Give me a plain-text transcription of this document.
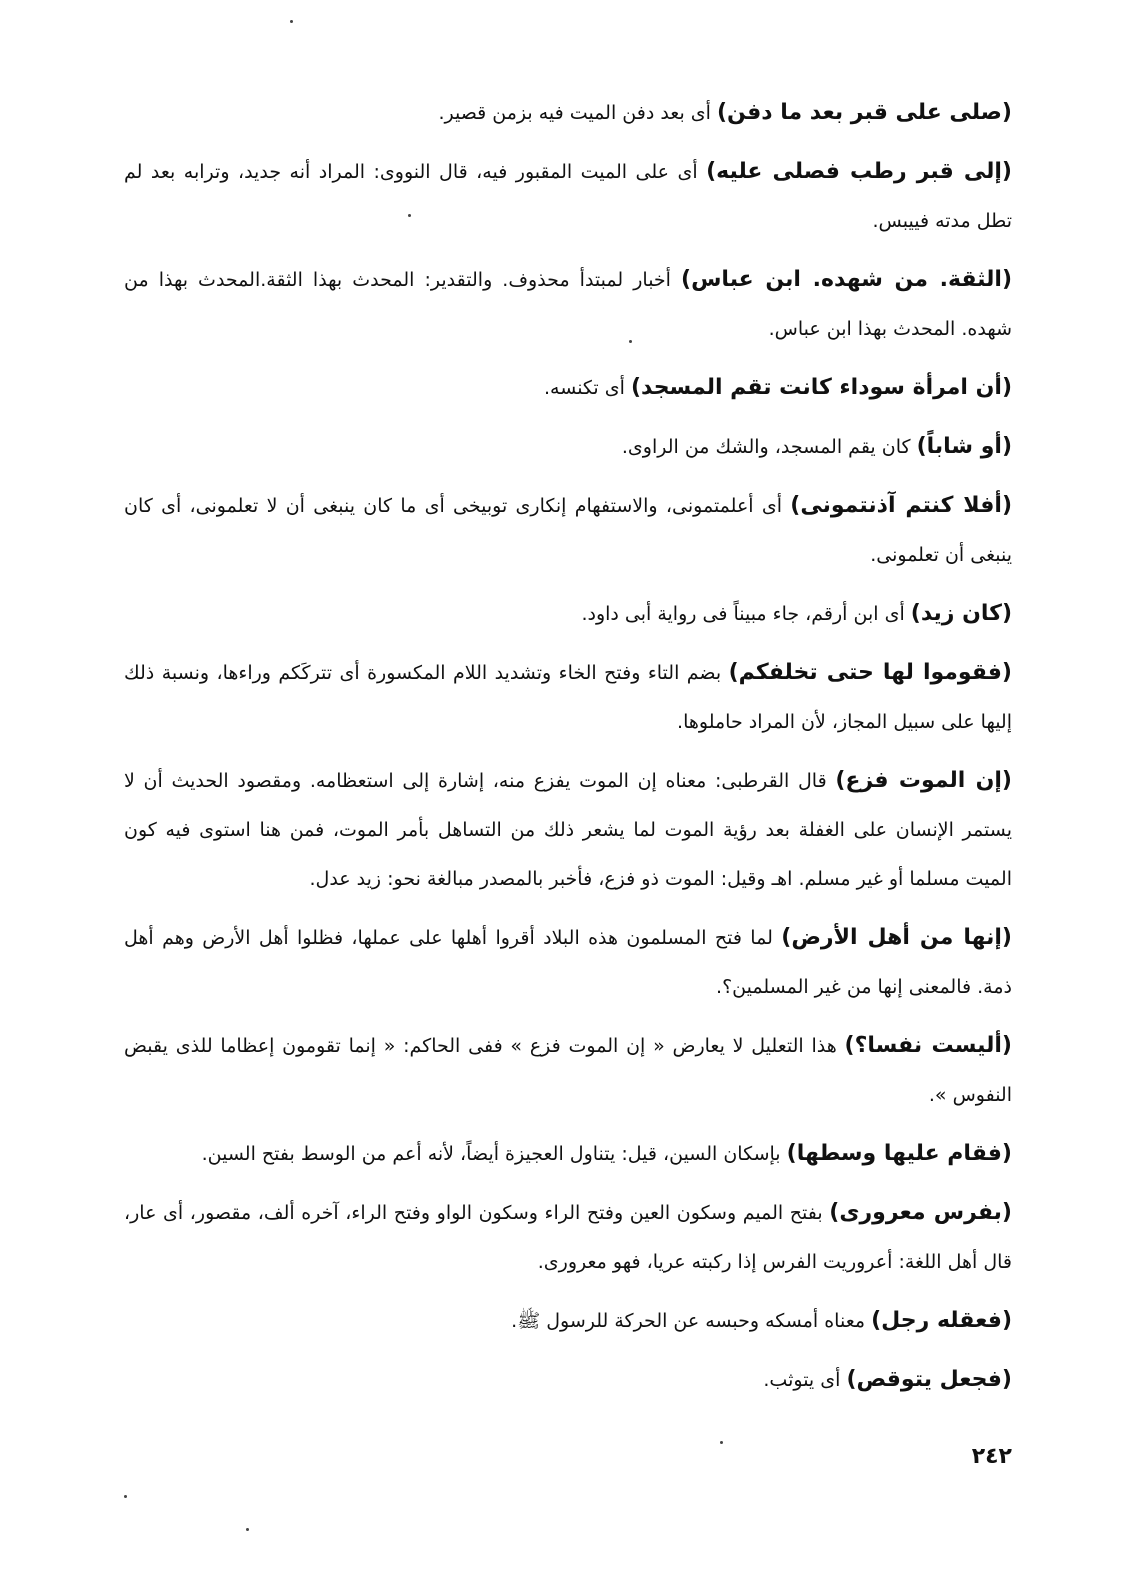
(صلى على قبر بعد ما دفن) أى بعد دفن الميت فيه بزمن قصير.

(إلى قبر رطب فصلى عليه) أى على الميت المقبور فيه، قال النووى: المراد أنه جديد، وترابه بعد لم تطل مدته فييبس.

(الثقة. من شهده. ابن عباس) أخبار لمبتدأ محذوف. والتقدير: المحدث بهذا الثقة.المحدث بهذا من شهده. المحدث بهذا ابن عباس.

(أن امرأة سوداء كانت تقم المسجد) أى تكنسه.

(أو شاباً) كان يقم المسجد، والشك من الراوى.

(أفلا كنتم آذنتمونى) أى أعلمتمونى، والاستفهام إنكارى توبيخى أى ما كان ينبغى أن لا تعلمونى، أى كان ينبغى أن تعلمونى.

(كان زيد) أى ابن أرقم، جاء مبيناً فى رواية أبى داود.

(فقوموا لها حتى تخلفكم) بضم التاء وفتح الخاء وتشديد اللام المكسورة أى تتركَكم وراءها، ونسبة ذلك إليها على سبيل المجاز، لأن المراد حاملوها.

(إن الموت فزع) قال القرطبى: معناه إن الموت يفزع منه، إشارة إلى استعظامه. ومقصود الحديث أن لا يستمر الإنسان على الغفلة بعد رؤية الموت لما يشعر ذلك من التساهل بأمر الموت، فمن هنا استوى فيه كون الميت مسلما أو غير مسلم. اهـ وقيل: الموت ذو فزع، فأخبر بالمصدر مبالغة نحو: زيد عدل.

(إنها من أهل الأرض) لما فتح المسلمون هذه البلاد أقروا أهلها على عملها، فظلوا أهل الأرض وهم أهل ذمة. فالمعنى إنها من غير المسلمين؟.

(أليست نفسا؟) هذا التعليل لا يعارض « إن الموت فزع » ففى الحاكم: « إنما تقومون إعظاما للذى يقبض النفوس ».

(فقام عليها وسطها) بإسكان السين، قيل: يتناول العجيزة أيضاً، لأنه أعم من الوسط بفتح السين.

(بفرس معرورى) بفتح الميم وسكون العين وفتح الراء وسكون الواو وفتح الراء، آخره ألف، مقصور، أى عار، قال أهل اللغة: أعروريت الفرس إذا ركبته عريا، فهو معرورى.

(فعقله رجل) معناه أمسكه وحبسه عن الحركة للرسول ﷺ.

(فجعل يتوقص) أى يتوثب.

٢٤٢
